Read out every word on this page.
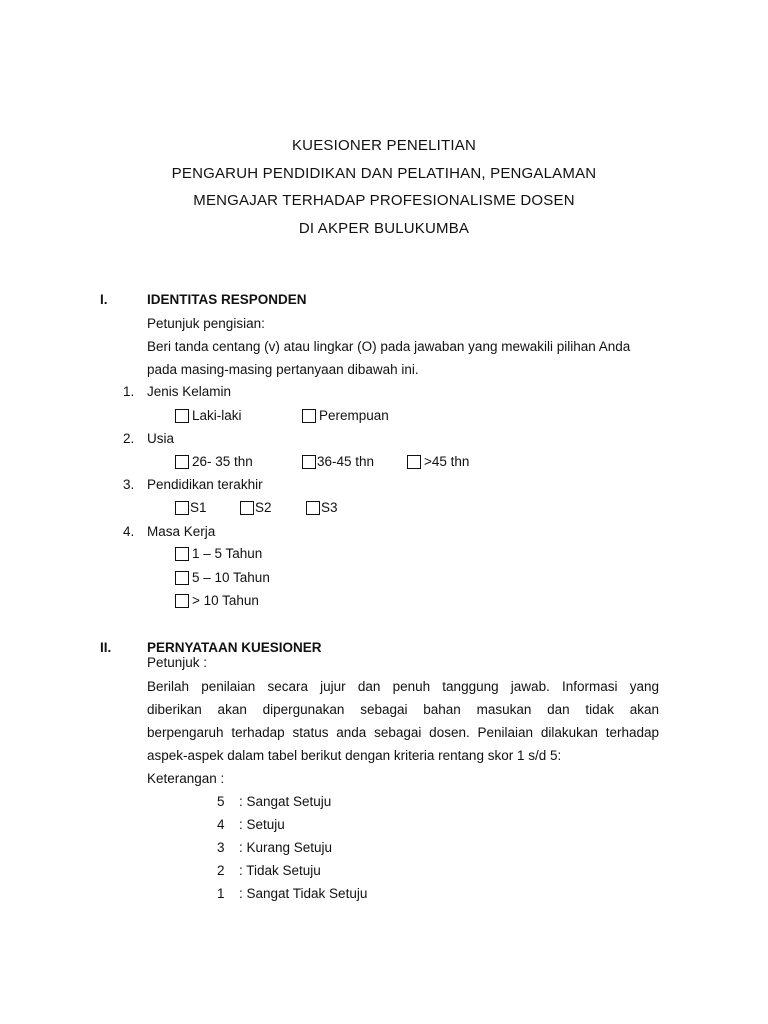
KUESIONER PENELITIAN
PENGARUH PENDIDIKAN DAN PELATIHAN, PENGALAMAN
MENGAJAR TERHADAP PROFESIONALISME DOSEN
DI AKPER BULUKUMBA
I.	IDENTITAS RESPONDEN
Petunjuk pengisian:
Beri tanda centang (v) atau lingkar (O) pada jawaban yang mewakili pilihan Anda
pada masing-masing pertanyaan dibawah ini.
1. Jenis Kelamin
Laki-laki	Perempuan
2. Usia
26- 35 thn	36-45 thn	>45 thn
3. Pendidikan terakhir
S1	S2	S3
4. Masa Kerja
1 – 5 Tahun
5 – 10 Tahun
> 10 Tahun
II.	PERNYATAAN KUESIONER
Petunjuk :
Berilah penilaian secara jujur dan penuh tanggung jawab. Informasi yang
diberikan akan dipergunakan sebagai bahan masukan dan tidak akan
berpengaruh terhadap status anda sebagai dosen. Penilaian dilakukan terhadap
aspek-aspek dalam tabel berikut dengan kriteria rentang skor 1 s/d 5:
Keterangan :
5 : Sangat Setuju
4 : Setuju
3 : Kurang Setuju
2 : Tidak Setuju
1 : Sangat Tidak Setuju
